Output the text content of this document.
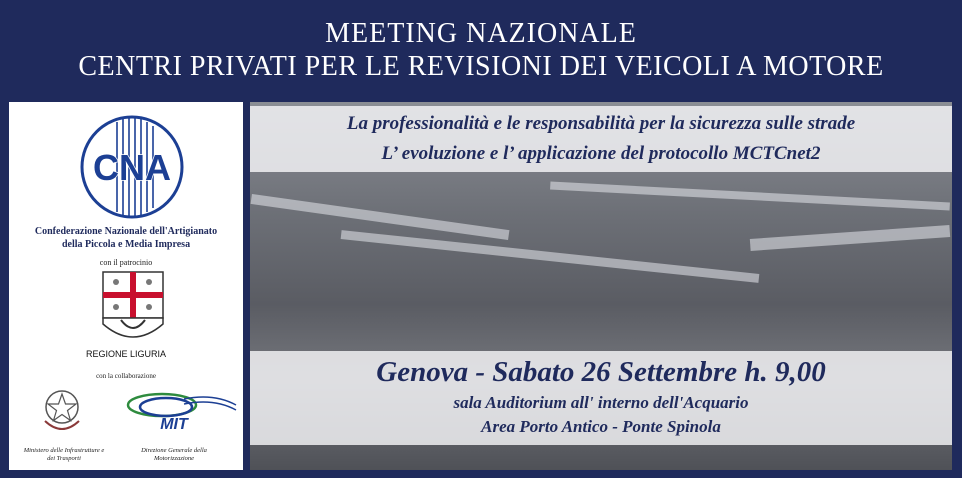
MEETING NAZIONALE
CENTRI PRIVATI PER LE REVISIONI DEI VEICOLI A MOTORE
La professionalità e le responsabilità per la sicurezza sulle strade
L’ evoluzione e l’ applicazione del protocollo MCTCnet2
Genova - Sabato 26 Settembre h. 9,00
sala Auditorium all' interno dell'Acquario
Area Porto Antico - Ponte Spinola
CNA
Confederazione Nazionale dell'Artigianato
della Piccola e Media Impresa
con il patrocinio
REGIONE LIGURIA
con la collaborazione
Ministero delle Infrastrutture e dei Trasporti
MIT
Direzione Generale della Motorizzazione
